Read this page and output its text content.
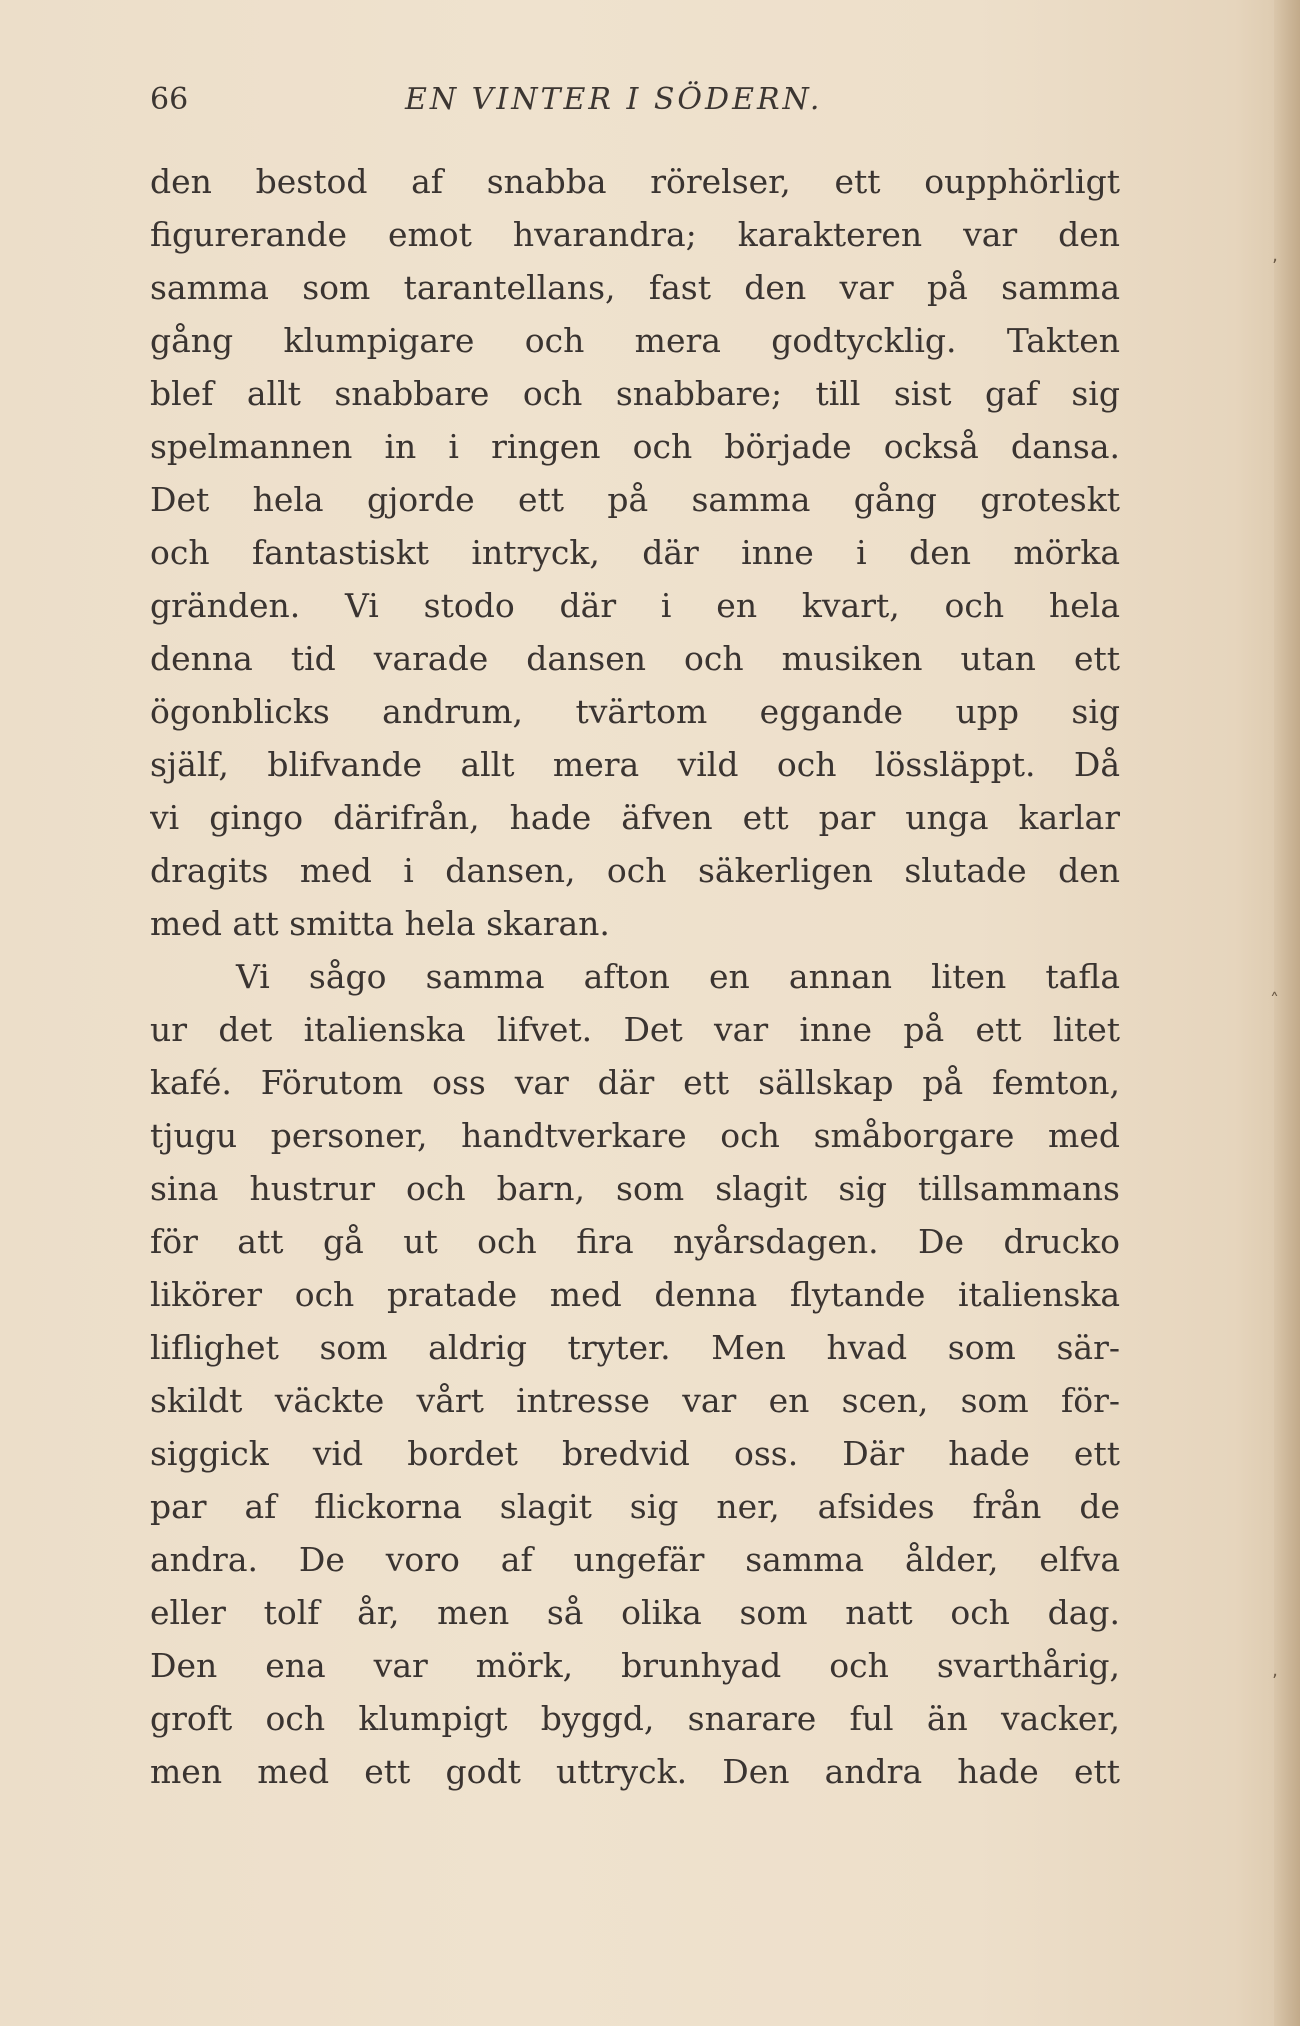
66	EN VINTER I SÖDERN.
den bestod af snabba rörelser, ett oupphörligt
figurerande emot hvarandra; karakteren var den
samma som tarantellans, fast den var på samma
gång klumpigare och mera godtycklig. Takten
blef allt snabbare och snabbare; till sist gaf sig
spelmannen in i ringen och började också dansa.
Det hela gjorde ett på samma gång groteskt
och fantastiskt intryck, där inne i den mörka
gränden. Vi stodo där i en kvart, och hela
denna tid varade dansen och musiken utan ett
ögonblicks andrum, tvärtom eggande upp sig
själf, blifvande allt mera vild och lössläppt. Då
vi gingo därifrån, hade äfven ett par unga karlar
dragits med i dansen, och säkerligen slutade den
med att smitta hela skaran.
Vi sågo samma afton en annan liten tafla
ur det italienska lifvet. Det var inne på ett litet
kafé. Förutom oss var där ett sällskap på femton,
tjugu personer, handtverkare och småborgare med
sina hustrur och barn, som slagit sig tillsammans
för att gå ut och fira nyårsdagen. De drucko
likörer och pratade med denna flytande italienska
liflighet som aldrig tryter. Men hvad som sär-
skildt väckte vårt intresse var en scen, som för-
siggick vid bordet bredvid oss. Där hade ett
par af flickorna slagit sig ner, afsides från de
andra. De voro af ungefär samma ålder, elfva
eller tolf år, men så olika som natt och dag.
Den ena var mörk, brunhyad och svarthårig,
groft och klumpigt byggd, snarare ful än vacker,
men med ett godt uttryck. Den andra hade ett
‚
˄
‚
